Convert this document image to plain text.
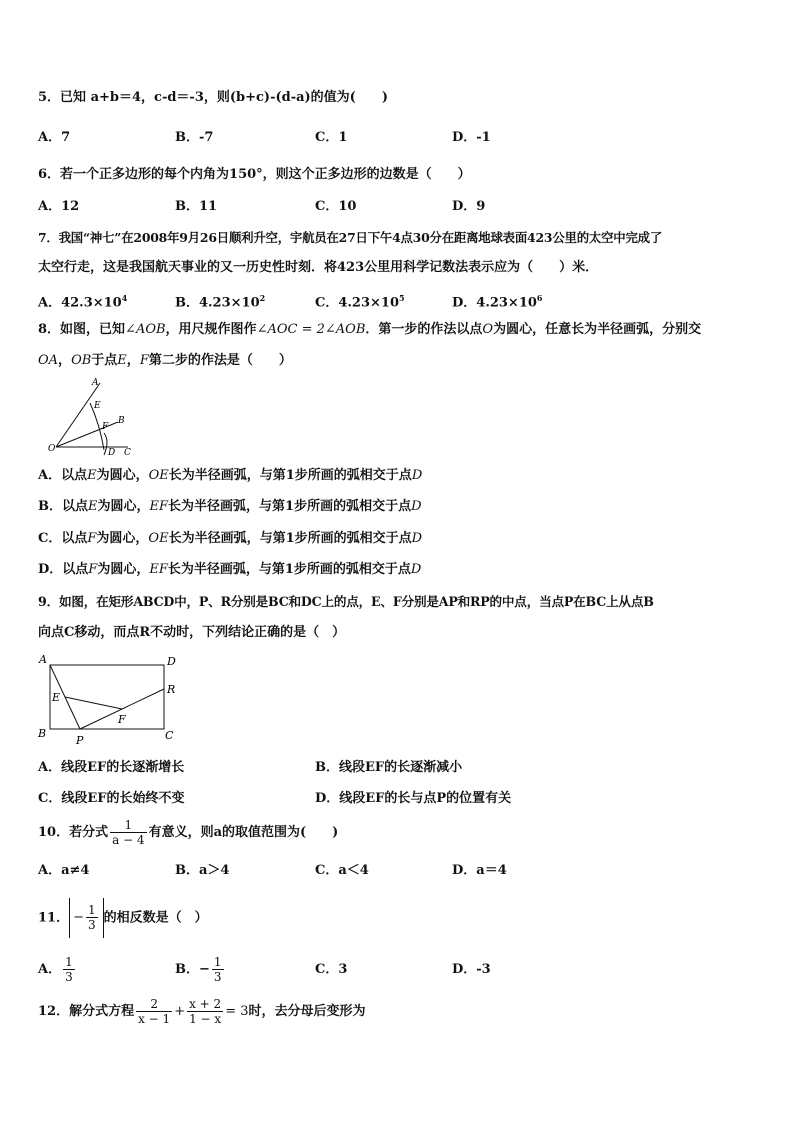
5．已知 a+b＝4，c-d＝-3，则(b+c)-(d-a)的值为(　　)
A．7	B．-7	C．1	D．-1
6．若一个正多边形的每个内角为150°，则这个正多边形的边数是（　　）
A．12	B．11	C．10	D．9
7．我国“神七”在2008年9月26日顺利升空，宇航员在27日下午4点30分在距离地球表面423公里的太空中完成了
太空行走，这是我国航天事业的又一历史性时刻．将423公里用科学记数法表示应为（　　）米．
A．$42.3\times 10^4$	B．$4.23\times 10^2$	C．$4.23\times 10^5$	D．$4.23\times 10^6$
8．如图，已知∠AOB，用尺规作图作∠AOC = 2∠AOB．第一步的作法以点O为圆心，任意长为半径画弧，分别交
OA，OB于点E，F第二步的作法是（　　）
A
E
F
B
O	D C
A．以点E为圆心，OE长为半径画弧，与第1步所画的弧相交于点D
B．以点E为圆心，EF长为半径画弧，与第1步所画的弧相交于点D
C．以点F为圆心，OE长为半径画弧，与第1步所画的弧相交于点D
D．以点F为圆心，EF长为半径画弧，与第1步所画的弧相交于点D
9．如图，在矩形ABCD中，P、R分别是BC和DC上的点，E、F分别是AP和RP的中点，当点P在BC上从点B
向点C移动，而点R不动时，下列结论正确的是（　）
A	D
R
E
F
B
P	C
A．线段EF的长逐渐增长	B．线段EF的长逐渐减小
C．线段EF的长始终不变	D．线段EF的长与点P的位置有关
10．若分式 $\frac{1}{a - 4}$ 有意义，则a的取值范围为(　　)
A．a≠4	B．a＞4	C．a＜4	D．a＝4
11． − $\frac{1}{3}$ 的相反数是（　）
A． $\frac{1}{3}$	B．− $\frac{1}{3}$	C．3	D．-3
12．解分式方程 $\frac{2}{x - 1} + \frac{x + 2}{1 - x} = 3$时，去分母后变形为
